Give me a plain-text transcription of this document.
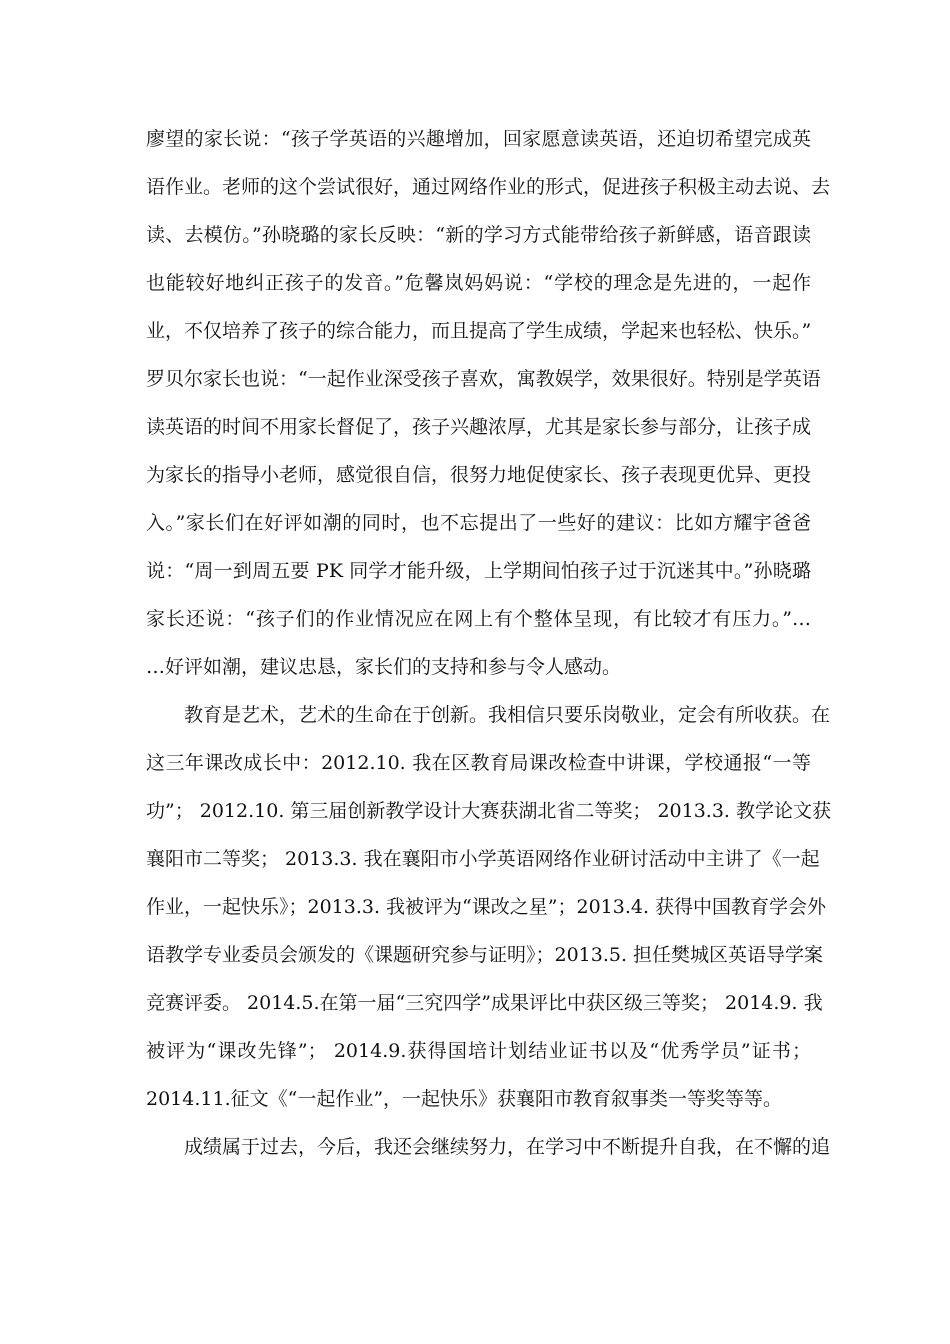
廖望的家长说：“孩子学英语的兴趣增加，回家愿意读英语，还迫切希望完成英
语作业。老师的这个尝试很好，通过网络作业的形式，促进孩子积极主动去说、去
读、去模仿。”孙晓璐的家长反映：“新的学习方式能带给孩子新鲜感，语音跟读
也能较好地纠正孩子的发音。”危馨岚妈妈说：“学校的理念是先进的，一起作
业，不仅培养了孩子的综合能力，而且提高了学生成绩，学起来也轻松、快乐。”
罗贝尔家长也说：“一起作业深受孩子喜欢，寓教娱学，效果很好。特别是学英语
读英语的时间不用家长督促了，孩子兴趣浓厚，尤其是家长参与部分，让孩子成
为家长的指导小老师，感觉很自信，很努力地促使家长、孩子表现更优异、更投
入。”家长们在好评如潮的同时，也不忘提出了一些好的建议：比如方耀宇爸爸
说：“周一到周五要 PK 同学才能升级，上学期间怕孩子过于沉迷其中。”孙晓璐
家长还说：“孩子们的作业情况应在网上有个整体呈现，有比较才有压力。”…
…好评如潮，建议忠恳，家长们的支持和参与令人感动。
教育是艺术，艺术的生命在于创新。我相信只要乐岗敬业，定会有所收获。在
这三年课改成长中：2012.10. 我在区教育局课改检查中讲课，学校通报“一等
功”； 2012.10. 第三届创新教学设计大赛获湖北省二等奖； 2013.3. 教学论文获
襄阳市二等奖； 2013.3. 我在襄阳市小学英语网络作业研讨活动中主讲了《一起
作业，一起快乐》；2013.3. 我被评为“课改之星”；2013.4. 获得中国教育学会外
语教学专业委员会颁发的《课题研究参与证明》；2013.5. 担任樊城区英语导学案
竞赛评委。 2014.5.在第一届“三究四学”成果评比中获区级三等奖； 2014.9. 我
被评为“课改先锋”； 2014.9.获得国培计划结业证书以及“优秀学员”证书；
2014.11.征文《“一起作业”，一起快乐》获襄阳市教育叙事类一等奖等等。
成绩属于过去，今后，我还会继续努力，在学习中不断提升自我，在不懈的追
